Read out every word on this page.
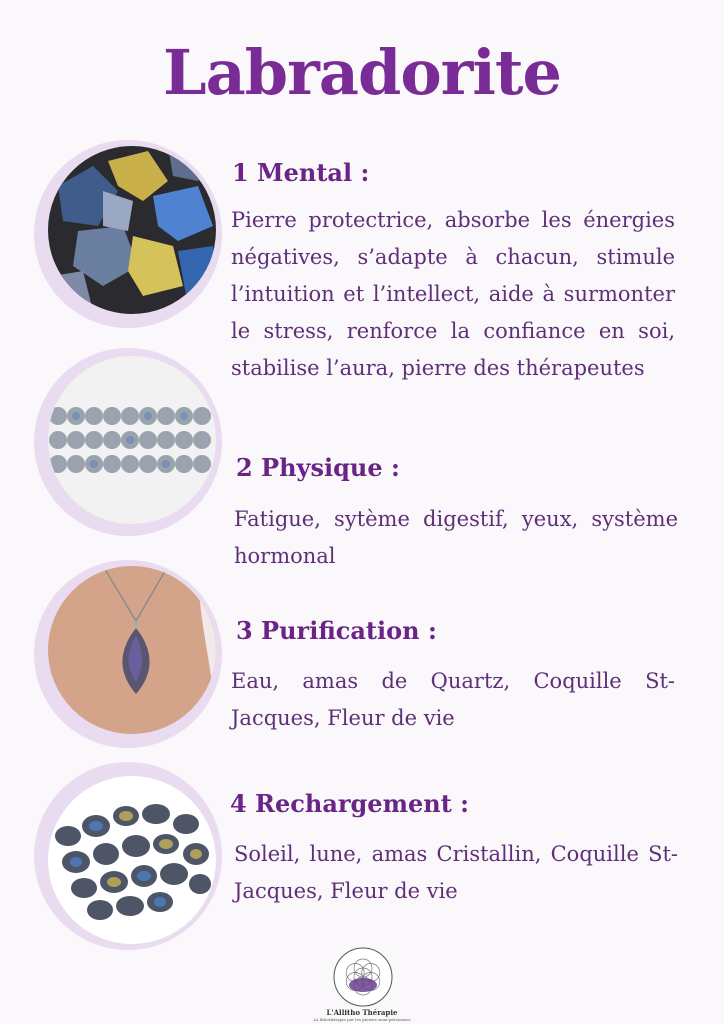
Labradorite
1 Mental :
Pierre protectrice, absorbe les énergies négatives, s’adapte à chacun, stimule l’intuition et l’intellect, aide à surmonter le stress, renforce la confiance en soi, stabilise l’aura, pierre des thérapeutes
2 Physique :
Fatigue, sytème digestif, yeux, système hormonal
3 Purification :
Eau, amas de Quartz, Coquille St-Jacques, Fleur de vie
4 Rechargement :
Soleil, lune, amas Cristallin, Coquille St-Jacques, Fleur de vie
L'Allitho Thérapie
La lithothérapie par les pierres semi-précieuses
